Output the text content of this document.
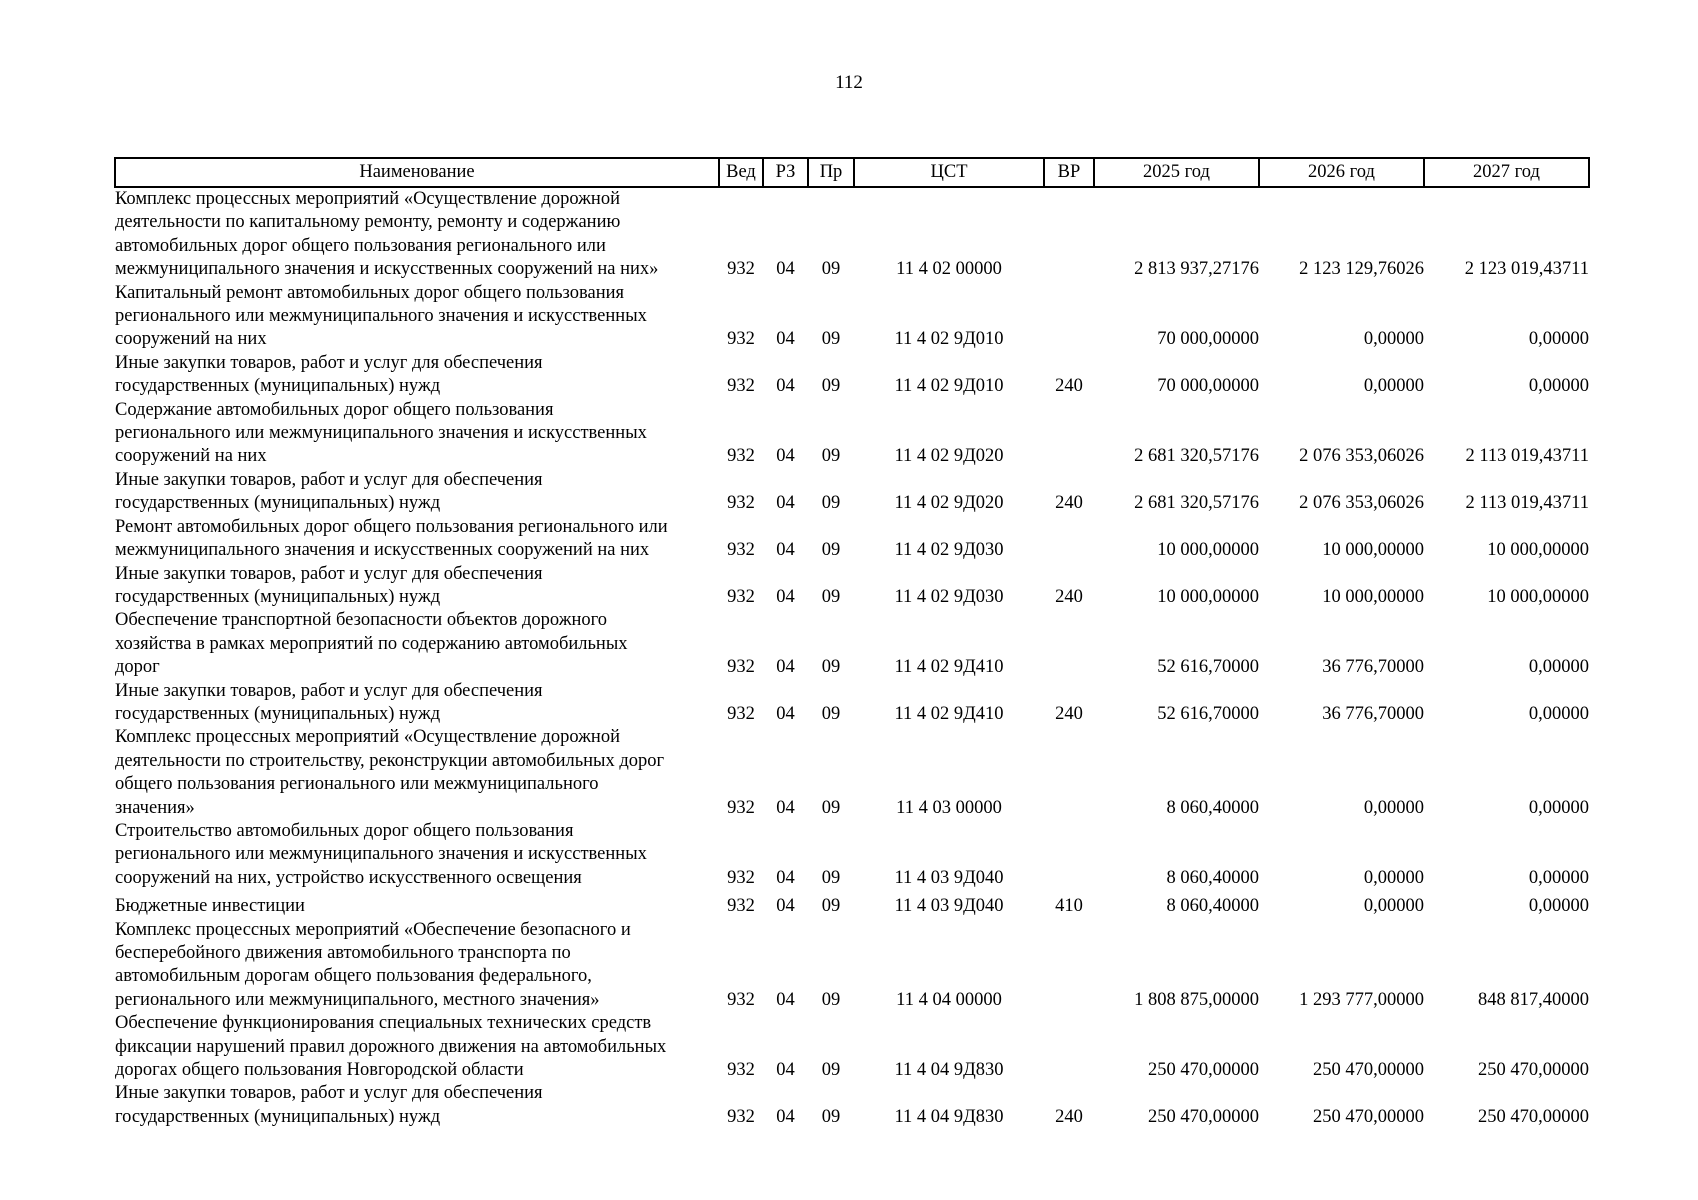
112
Наименование	Вед	РЗ	Пр	ЦСТ	ВР	2025 год	2026 год	2027 год
Комплекс процессных мероприятий «Осуществление дорожной
деятельности по капитальному ремонту, ремонту и содержанию
автомобильных дорог общего пользования регионального или
межмуниципального значения и искусственных сооружений на них»	932	04	09	11 4 02 00000		2 813 937,27176	2 123 129,76026	2 123 019,43711
Капитальный ремонт автомобильных дорог общего пользования
регионального или межмуниципального значения и искусственных
сооружений на них	932	04	09	11 4 02 9Д010		70 000,00000	0,00000	0,00000
Иные закупки товаров, работ и услуг для обеспечения
государственных (муниципальных) нужд	932	04	09	11 4 02 9Д010	240	70 000,00000	0,00000	0,00000
Содержание автомобильных дорог общего пользования
регионального или межмуниципального значения и искусственных
сооружений на них	932	04	09	11 4 02 9Д020		2 681 320,57176	2 076 353,06026	2 113 019,43711
Иные закупки товаров, работ и услуг для обеспечения
государственных (муниципальных) нужд	932	04	09	11 4 02 9Д020	240	2 681 320,57176	2 076 353,06026	2 113 019,43711
Ремонт автомобильных дорог общего пользования регионального или
межмуниципального значения и искусственных сооружений на них	932	04	09	11 4 02 9Д030		10 000,00000	10 000,00000	10 000,00000
Иные закупки товаров, работ и услуг для обеспечения
государственных (муниципальных) нужд	932	04	09	11 4 02 9Д030	240	10 000,00000	10 000,00000	10 000,00000
Обеспечение транспортной безопасности объектов дорожного
хозяйства в рамках мероприятий по содержанию автомобильных
дорог	932	04	09	11 4 02 9Д410		52 616,70000	36 776,70000	0,00000
Иные закупки товаров, работ и услуг для обеспечения
государственных (муниципальных) нужд	932	04	09	11 4 02 9Д410	240	52 616,70000	36 776,70000	0,00000
Комплекс процессных мероприятий «Осуществление дорожной
деятельности по строительству, реконструкции автомобильных дорог
общего пользования регионального или межмуниципального
значения»	932	04	09	11 4 03 00000		8 060,40000	0,00000	0,00000
Строительство автомобильных дорог общего пользования
регионального или межмуниципального значения и искусственных
сооружений на них, устройство искусственного освещения	932	04	09	11 4 03 9Д040		8 060,40000	0,00000	0,00000
Бюджетные инвестиции	932	04	09	11 4 03 9Д040	410	8 060,40000	0,00000	0,00000
Комплекс процессных мероприятий «Обеспечение безопасного и
бесперебойного движения автомобильного транспорта по
автомобильным дорогам общего пользования федерального,
регионального или межмуниципального, местного значения»	932	04	09	11 4 04 00000		1 808 875,00000	1 293 777,00000	848 817,40000
Обеспечение функционирования специальных технических средств
фиксации нарушений правил дорожного движения на автомобильных
дорогах общего пользования Новгородской области	932	04	09	11 4 04 9Д830		250 470,00000	250 470,00000	250 470,00000
Иные закупки товаров, работ и услуг для обеспечения
государственных (муниципальных) нужд	932	04	09	11 4 04 9Д830	240	250 470,00000	250 470,00000	250 470,00000
